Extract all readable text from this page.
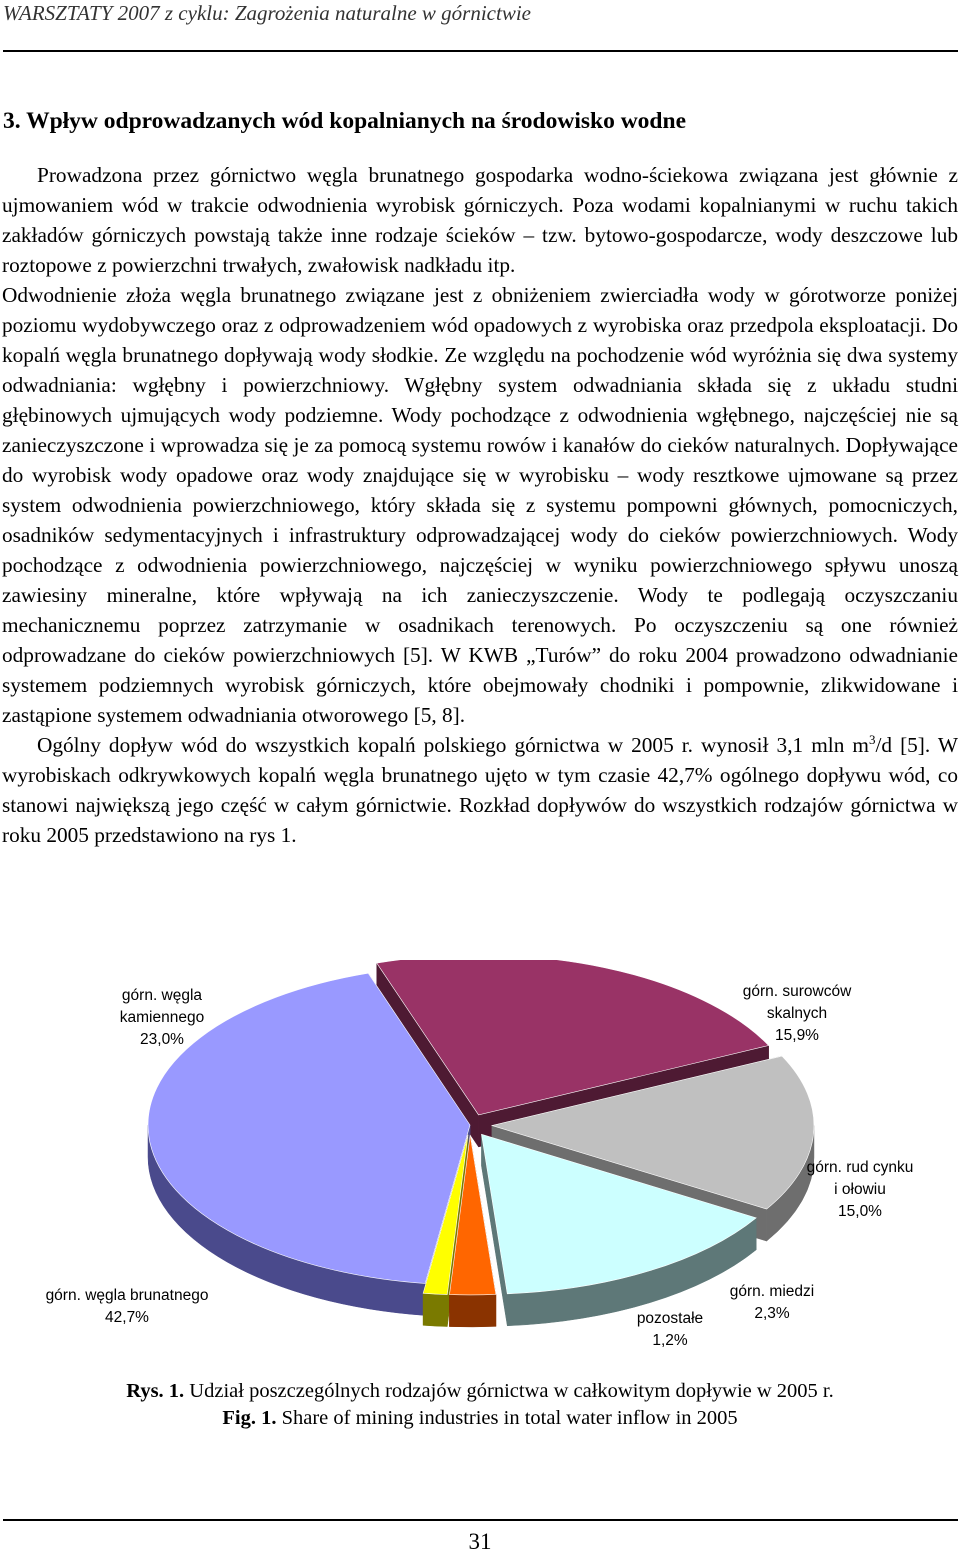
WARSZTATY 2007 z cyklu: Zagrożenia naturalne w górnictwie
3. Wpływ odprowadzanych wód kopalnianych na środowisko wodne

Prowadzona przez górnictwo węgla brunatnego gospodarka wodno-ściekowa związana jest głównie z ujmowaniem wód w trakcie odwodnienia wyrobisk górniczych. Poza wodami kopalnianymi w ruchu takich zakładów górniczych powstają także inne rodzaje ścieków – tzw. bytowo-gospodarcze, wody deszczowe lub roztopowe z powierzchni trwałych, zwałowisk nadkładu itp.

Odwodnienie złoża węgla brunatnego związane jest z obniżeniem zwierciadła wody w górotworze poniżej poziomu wydobywczego oraz z odprowadzeniem wód opadowych z wyrobiska oraz przedpola eksploatacji. Do kopalń węgla brunatnego dopływają wody słodkie. Ze względu na pochodzenie wód wyróżnia się dwa systemy odwadniania: wgłębny i powierzchniowy. Wgłębny system odwadniania składa się z układu studni głębinowych ujmujących wody podziemne. Wody pochodzące z odwodnienia wgłębnego, najczęściej nie są zanieczyszczone i wprowadza się je za pomocą systemu rowów i kanałów do cieków naturalnych. Dopływające do wyrobisk wody opadowe oraz wody znajdujące się w wyrobisku – wody resztkowe ujmowane są przez system odwodnienia powierzchniowego, który składa się z systemu pompowni głównych, pomocniczych, osadników sedymentacyjnych i infrastruktury odprowadzającej wody do cieków powierzchniowych. Wody pochodzące z odwodnienia powierzchniowego, najczęściej w wyniku powierzchniowego spływu unoszą zawiesiny mineralne, które wpływają na ich zanieczyszczenie. Wody te podlegają oczyszczaniu mechanicznemu poprzez zatrzymanie w osadnikach terenowych. Po oczyszczeniu są one również odprowadzane do cieków powierzchniowych [5]. W KWB „Turów” do roku 2004 prowadzono odwadnianie systemem podziemnych wyrobisk górniczych, które obejmowały chodniki i pompownie, zlikwidowane i zastąpione systemem odwadniania otworowego [5, 8].

Ogólny dopływ wód do wszystkich kopalń polskiego górnictwa w 2005 r. wynosił 3,1 mln $m^3/d$ [5]. W wyrobiskach odkrywkowych kopalń węgla brunatnego ujęto w tym czasie 42,7% ogólnego dopływu wód, co stanowi największą jego część w całym górnictwie. Rozkład dopływów do wszystkich rodzajów górnictwa w roku 2005 przedstawiono na rys 1.

górn. węgla brunatnego 42,7%
górn. węgla kamiennego 23,0%
górn. surowców skalnych 15,9%
górn. rud cynku i ołowiu 15,0%
górn. miedzi 2,3%
pozostałe 1,2%
Rys. 1. Udział poszczególnych rodzajów górnictwa w całkowitym dopływie w 2005 r.
Fig. 1. Share of mining industries in total water inflow in 2005
31
